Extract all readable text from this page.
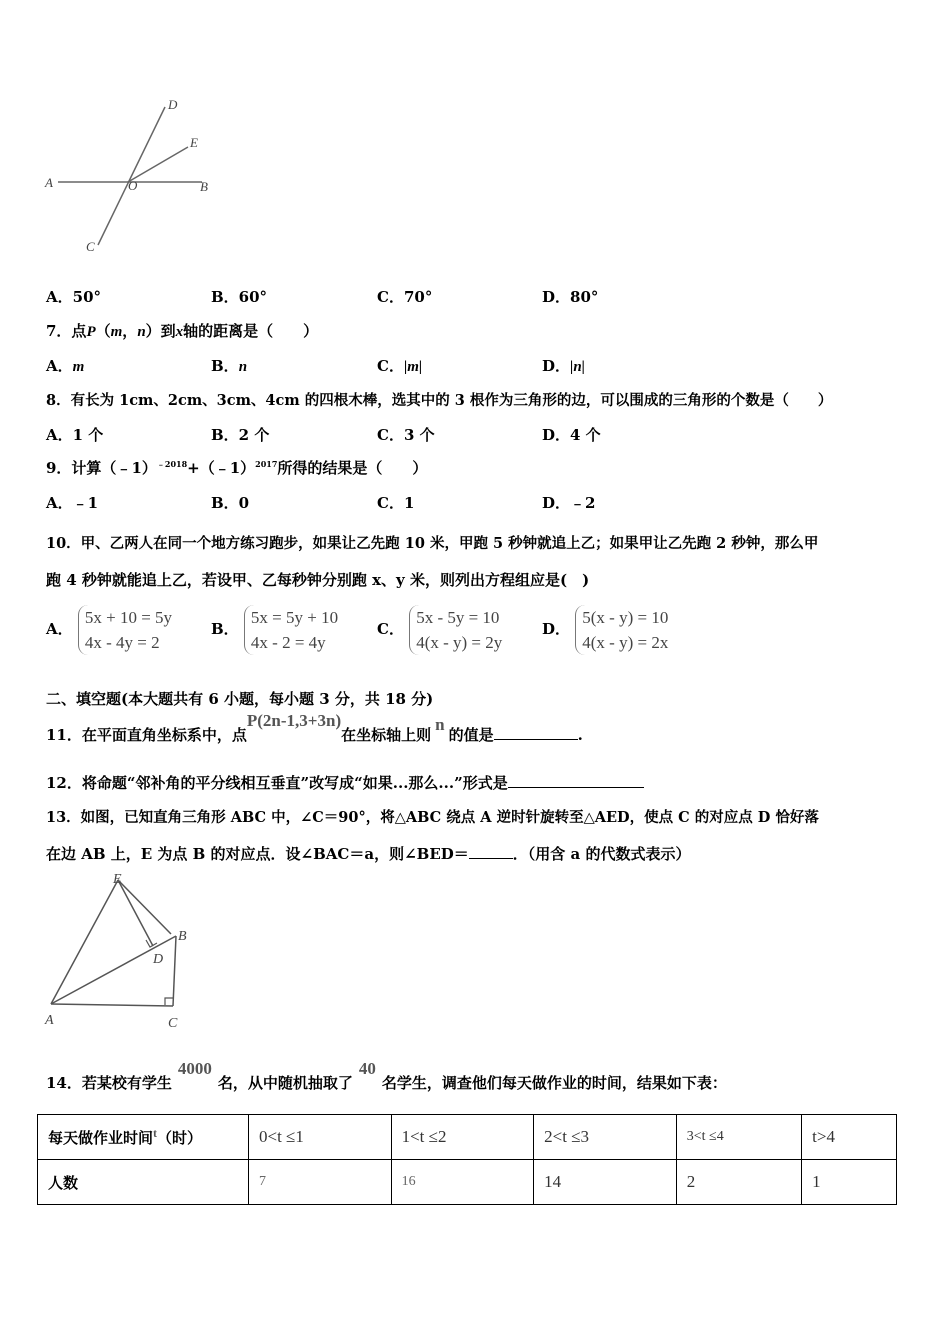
D
E
A	O	B
C
A．50°	B．60°	C．70°	D．80°
7．点P（m，n）到x轴的距离是（　　）
A．m	B．n	C．|m|	D．|n|
8．有长为 1cm、2cm、3cm、4cm 的四根木棒，选其中的 3 根作为三角形的边，可以围成的三角形的个数是（　　）
A．1 个	B．2 个	C．3 个	D．4 个
9．计算（﹣1）$^{﹣2018}$+（﹣1）$^{2017}$所得的结果是（　　）
A．﹣1	B．0	C．1	D．﹣2
10．甲、乙两人在同一个地方练习跑步，如果让乙先跑 10 米，甲跑 5 秒钟就追上乙；如果甲让乙先跑 2 秒钟，那么甲
跑 4 秒钟就能追上乙，若设甲、乙每秒钟分别跑 x、y 米，则列出方程组应是(　)
A．
5x + 10 = 5y
4x - 4y = 2
B．
5x = 5y + 10
4x - 2 = 4y
C．
5x - 5y = 10
4(x - y) = 2y
D．
5(x - y) = 10
4(x - y) = 2x
二、填空题(本大题共有 6 小题，每小题 3 分，共 18 分)
11．在平面直角坐标系中，点P(2n-1,3+3n)在坐标轴上则n的值是	.
12．将命题“邻补角的平分线相互垂直”改写成“如果...那么...”形式是
13．如图，已知直角三角形 ABC 中，∠C＝90°，将△ABC 绕点 A 逆时针旋转至△AED，使点 C 的对应点 D 恰好落
在边 AB 上，E 为点 B 的对应点．设∠BAC＝a，则∠BED＝	．（用含 a 的代数式表示）
E
B
D
A	C
14．若某校有学生4000名，从中随机抽取了40名学生，调查他们每天做作业的时间，结果如下表：
每天做作业时间$^t$（时）	0<t ≤1	1<t ≤2	2<t ≤3	3<t ≤4	t>4
人数	7	16	14	2	1
